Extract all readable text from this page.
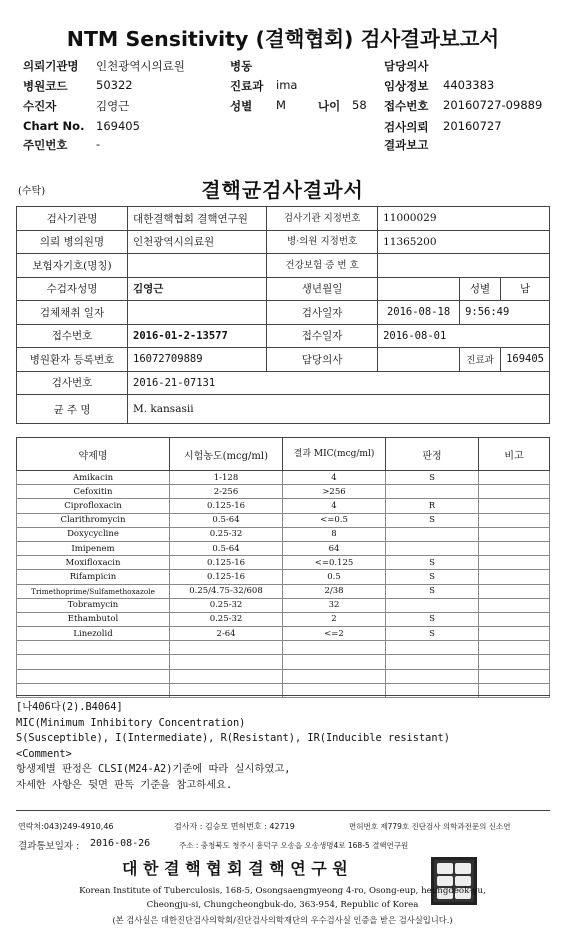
NTM Sensitivity (결핵협회) 검사결과보고서
의뢰기관명 인천광역시의료원	병동	담당의사
병원코드 50322	진료과 ima	임상정보 4403383
수진자	김영근	성별 M	나이 58 접수번호 20160727-09889
Chart No. 169405	검사의뢰 20160727
주민번호 -	결과보고
(수탁)	결핵균검사결과서
검사기관명	대한결핵협회 결핵연구원	검사기관 지정번호	11000029		
의뢰 병의원명	인천광역시의료원	병·의원 지정번호	11365200		
보험자기호(명칭)		건강보험 증 번 호			
수검자성명	김영근	생년월일		성별	남
검체채취 일자		검사일자	2016-08-18	9:56:49	
접수번호	2016-01-2-13577	접수일자	2016-08-01		
병원환자 등록번호	16072709889	담당의사		진료과	169405
검사번호	2016-21-07131				
균 주 명	M. kansasii				
약제명	시험농도(mcg/ml)	결과 MIC(mcg/ml)	판정	비고
Amikacin	1-128	4	S	
Cefoxitin	2-256	>256		
Ciprofloxacin	0.125-16	4	R	
Clarithromycin	0.5-64	<=0.5	S	
Doxycycline	0.25-32	8		
Imipenem	0.5-64	64		
Moxifloxacin	0.125-16	<=0.125	S	
Rifampicin	0.125-16	0.5	S	
Trimethoprime/Sulfamethoxazole	0.25/4.75-32/608	2/38	S	
Tobramycin	0.25-32	32		
Ethambutol	0.25-32	2	S	
Linezolid	2-64	<=2	S	

[나406다(2).B4064]
MIC(Minimum Inhibitory Concentration)
S(Susceptible), I(Intermediate), R(Resistant), IR(Inducible resistant)
<Comment>
항생제별 판정은 CLSI(M24-A2)기준에 따라 실시하였고,
자세한 사항은 뒷면 판독 기준을 참고하세요.
연락처:043)249-4910,46	검사자 : 김승모 면허번호 : 42719	면허번호 제779호 진단검사 의학과전문의 신소연
결과통보일자 : 2016-08-26	주소 : 충청북도 청주시 흥덕구 오송읍 오송생명4로 168-5 결핵연구원
대 한 결 핵 협 회 결 핵 연 구 원
Korean Institute of Tuberculosis, 168-5, Osongsaengmyeong 4-ro, Osong-eup, heungdeok-gu,
Cheongju-si, Chungcheongbuk-do, 363-954, Republic of Korea
(본 검사실은 대한진단검사의학회/진단검사의학재단의 우수검사실 인증을 받은 검사실입니다.)
